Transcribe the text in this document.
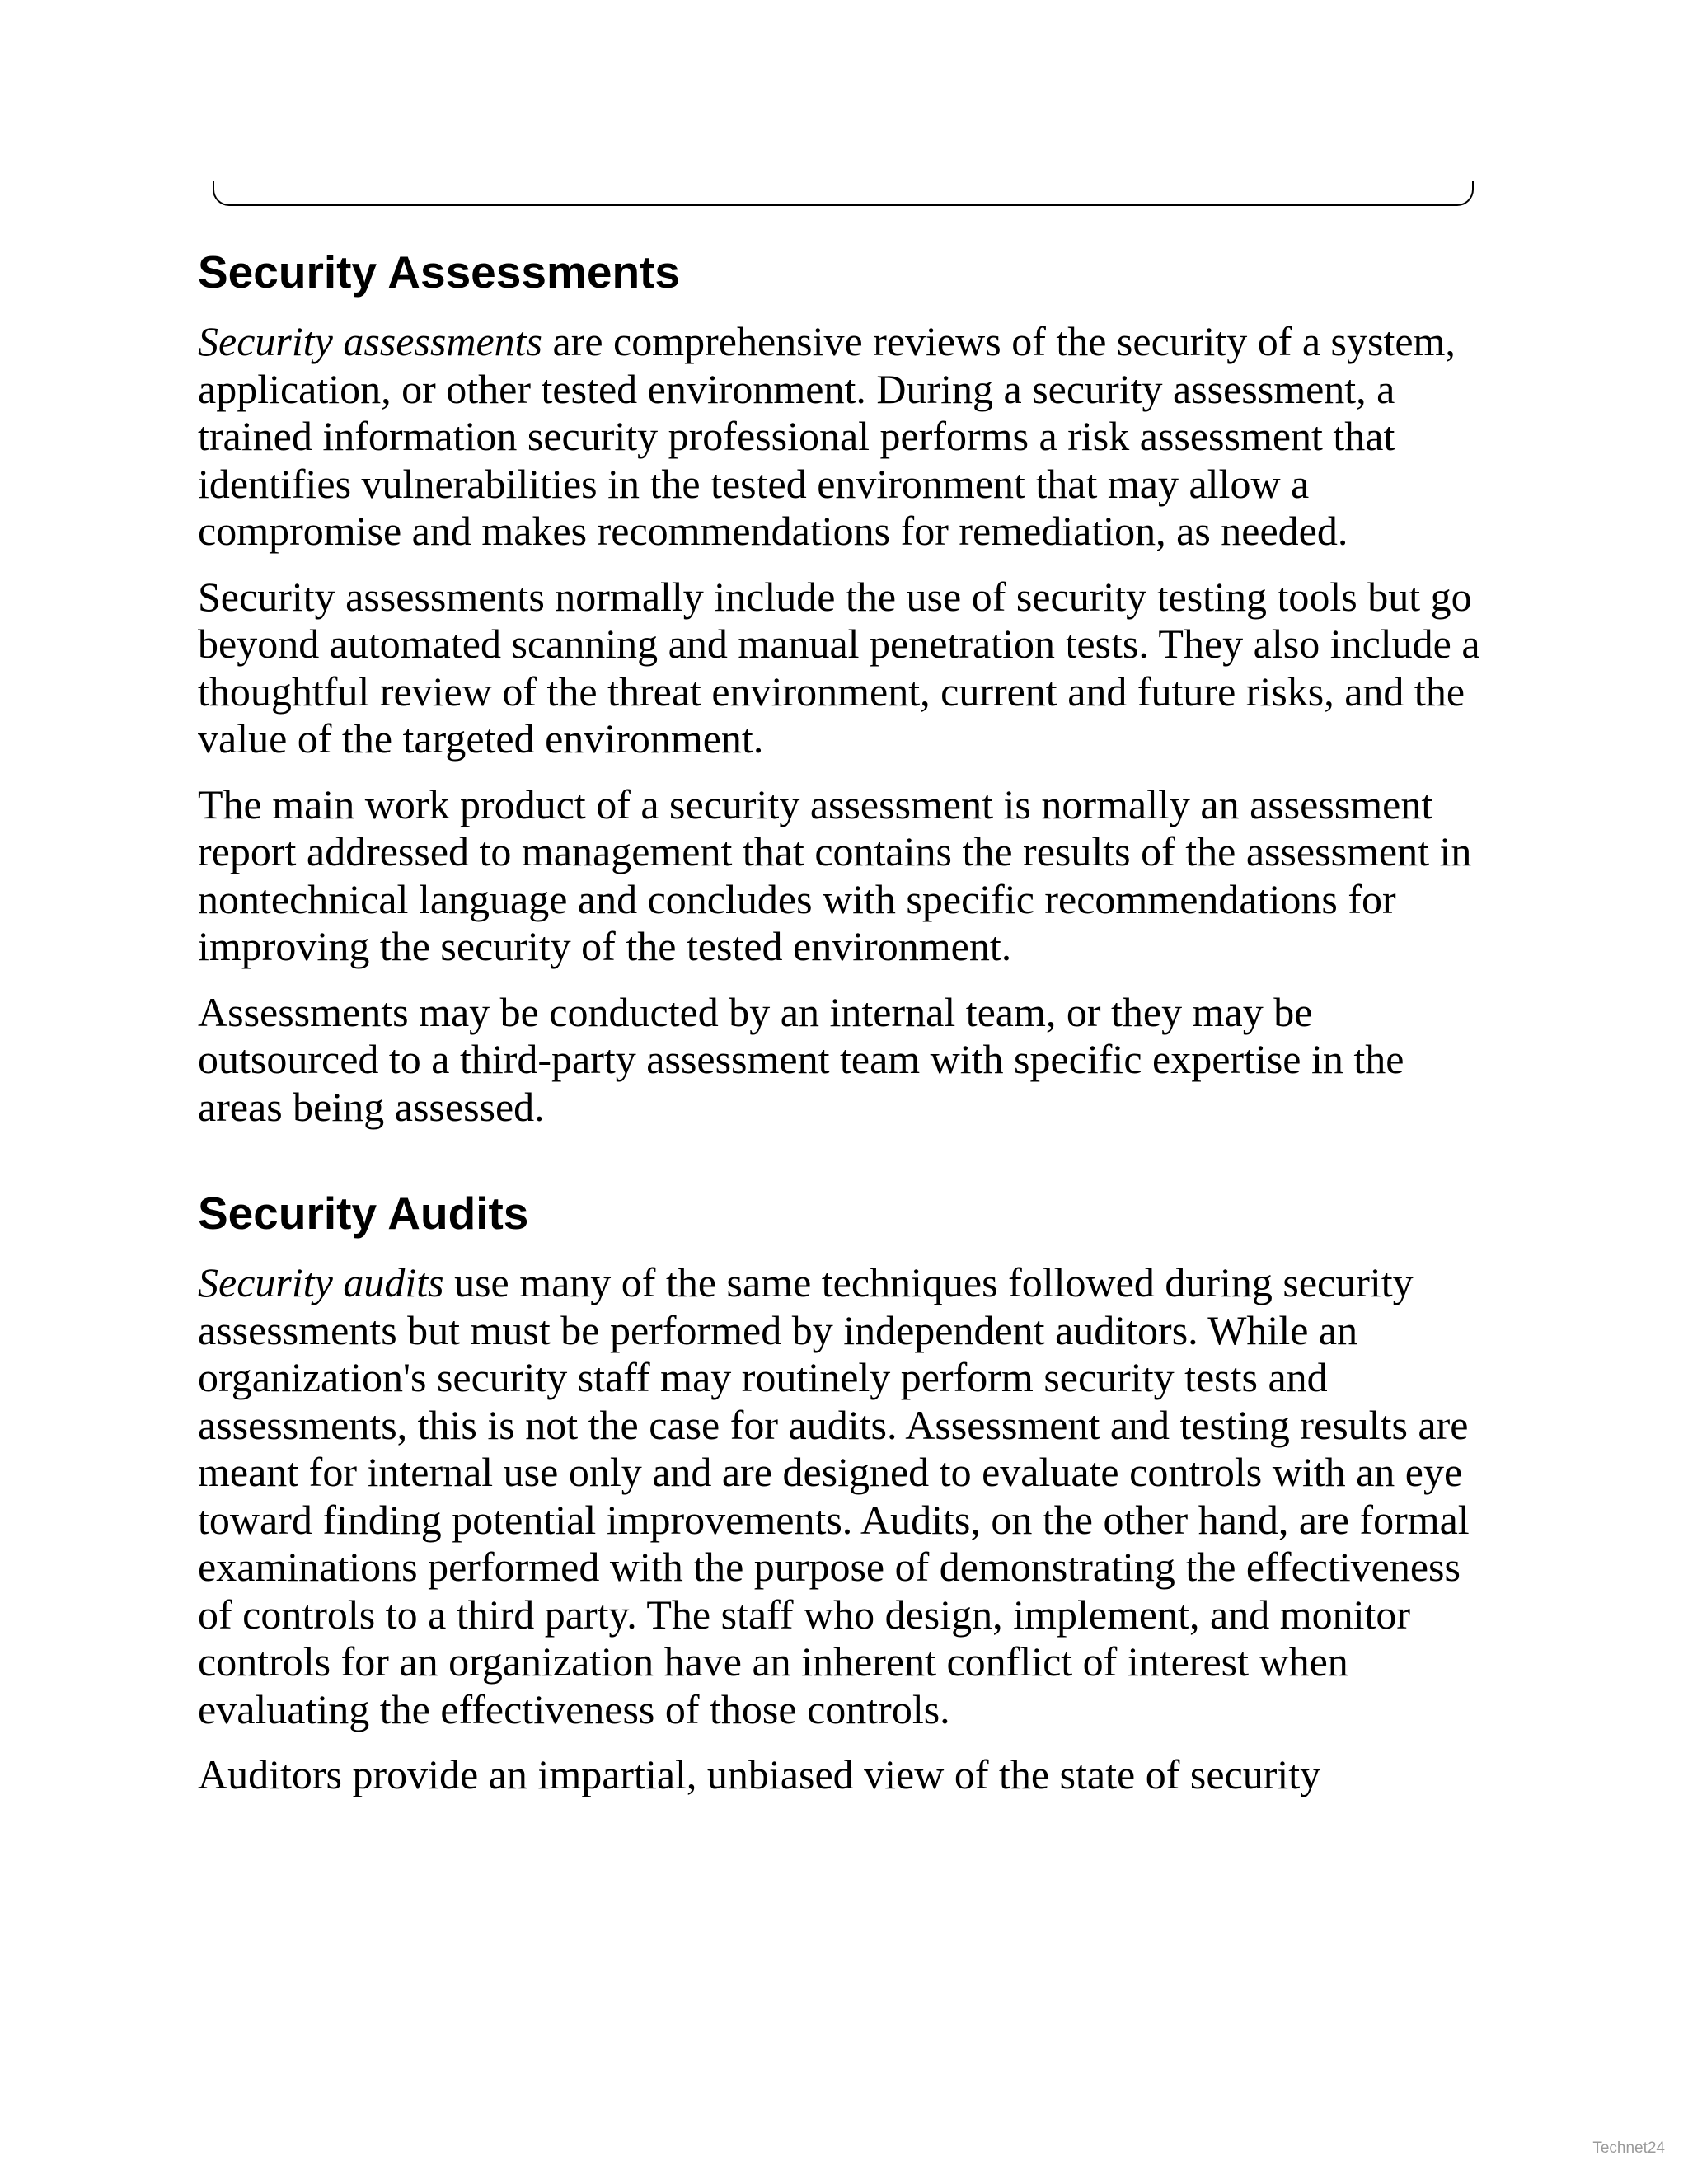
Security Assessments

Security assessments are comprehensive reviews of the security of a system, application, or other tested environment. During a security assessment, a trained information security professional performs a risk assessment that identifies vulnerabilities in the tested environment that may allow a compromise and makes recommendations for remediation, as needed.

Security assessments normally include the use of security testing tools but go beyond automated scanning and manual penetration tests. They also include a thoughtful review of the threat environment, current and future risks, and the value of the targeted environment.

The main work product of a security assessment is normally an assessment report addressed to management that contains the results of the assessment in nontechnical language and concludes with specific recommendations for improving the security of the tested environment.

Assessments may be conducted by an internal team, or they may be outsourced to a third-party assessment team with specific expertise in the areas being assessed.

Security Audits

Security audits use many of the same techniques followed during security assessments but must be performed by independent auditors. While an organization's security staff may routinely perform security tests and assessments, this is not the case for audits. Assessment and testing results are meant for internal use only and are designed to evaluate controls with an eye toward finding potential improvements. Audits, on the other hand, are formal examinations performed with the purpose of demonstrating the effectiveness of controls to a third party. The staff who design, implement, and monitor controls for an organization have an inherent conflict of interest when evaluating the effectiveness of those controls.

Auditors provide an impartial, unbiased view of the state of security

Technet24
